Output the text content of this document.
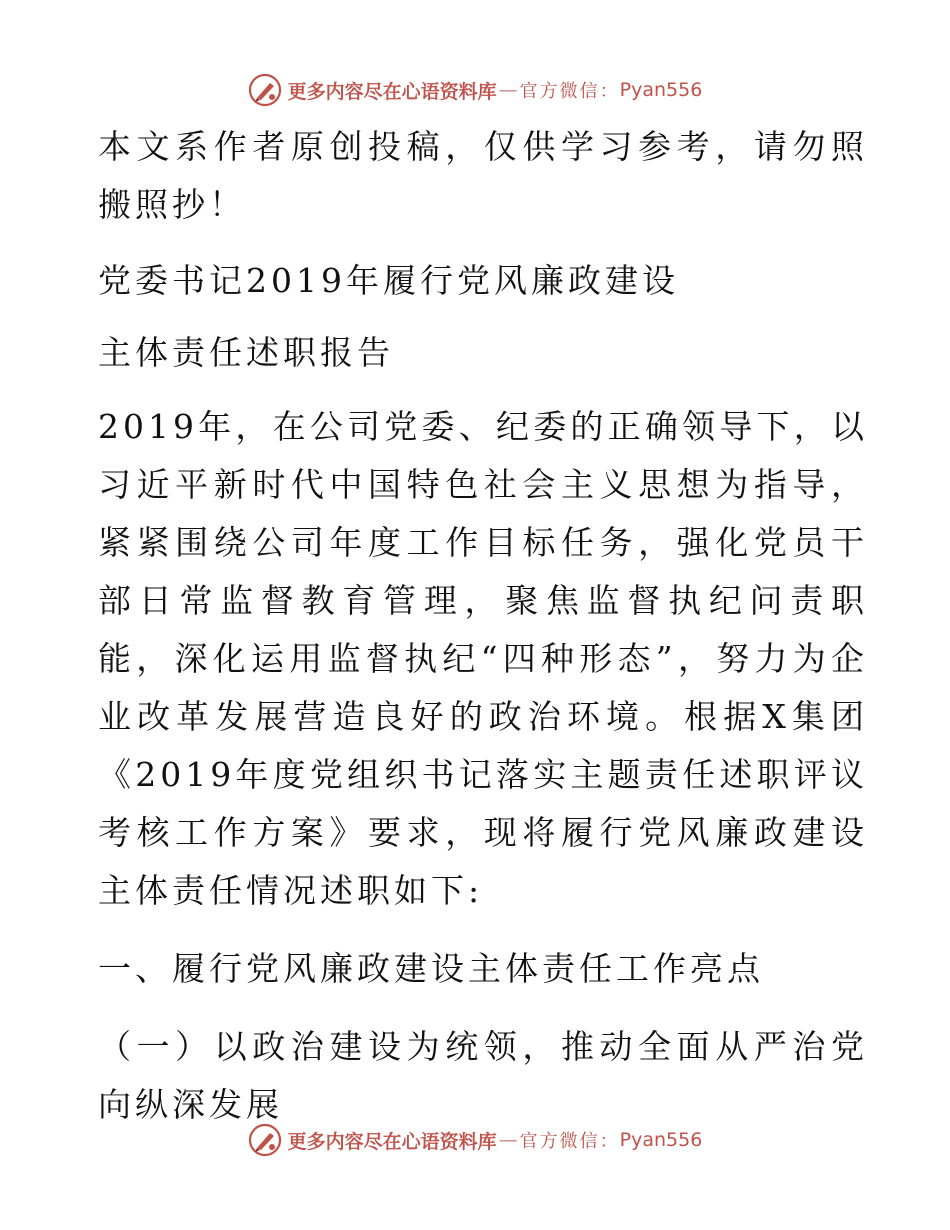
更多内容尽在心语资料库 — 官方微信： Pyan556

本文系作者原创投稿，仅供学习参考，请勿照搬照抄！

党委书记2019年履行党风廉政建设

主体责任述职报告

2019年，在公司党委、纪委的正确领导下，以习近平新时代中国特色社会主义思想为指导，紧紧围绕公司年度工作目标任务，强化党员干部日常监督教育管理，聚焦监督执纪问责职能，深化运用监督执纪“四种形态”，努力为企业改革发展营造良好的政治环境。根据X集团《2019年度党组织书记落实主题责任述职评议考核工作方案》要求，现将履行党风廉政建设主体责任情况述职如下:

一、履行党风廉政建设主体责任工作亮点

（一）以政治建设为统领，推动全面从严治党向纵深发展

更多内容尽在心语资料库 — 官方微信： Pyan556
